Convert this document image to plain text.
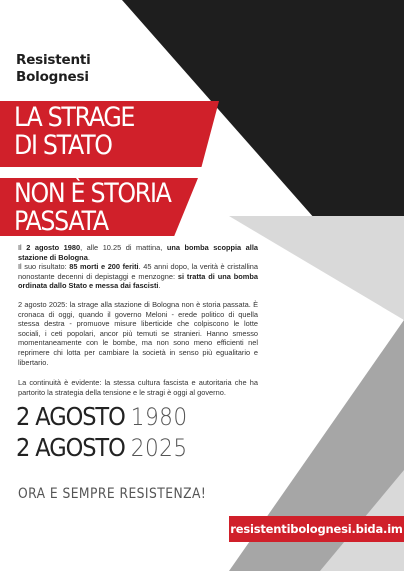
Resistenti
Bolognesi
LA STRAGE
DI STATO
NON È STORIA
PASSATA
Il 2 agosto 1980, alle 10.25 di mattina, una bomba scoppia alla stazione di Bologna.
Il suo risultato: 85 morti e 200 feriti. 45 anni dopo, la verità è cristallina nonostante decenni di depistaggi e menzogne: si tratta di una bomba ordinata dallo Stato e messa dai fascisti.
2 agosto 2025: la strage alla stazione di Bologna non è storia passata. È cronaca di oggi, quando il governo Meloni - erede politico di quella stessa destra - promuove misure liberticide che colpiscono le lotte sociali, i ceti popolari, ancor più temuti se stranieri. Hanno smesso momentaneamente con le bombe, ma non sono meno efficienti nel reprimere chi lotta per cambiare la società in senso più egualitario e libertario.
La continuità è evidente: la stessa cultura fascista e autoritaria che ha partorito la strategia della tensione e le stragi è oggi al governo.
2 AGOSTO 1980
2 AGOSTO 2025
ORA E SEMPRE RESISTENZA!
resistentibolognesi.bida.im
